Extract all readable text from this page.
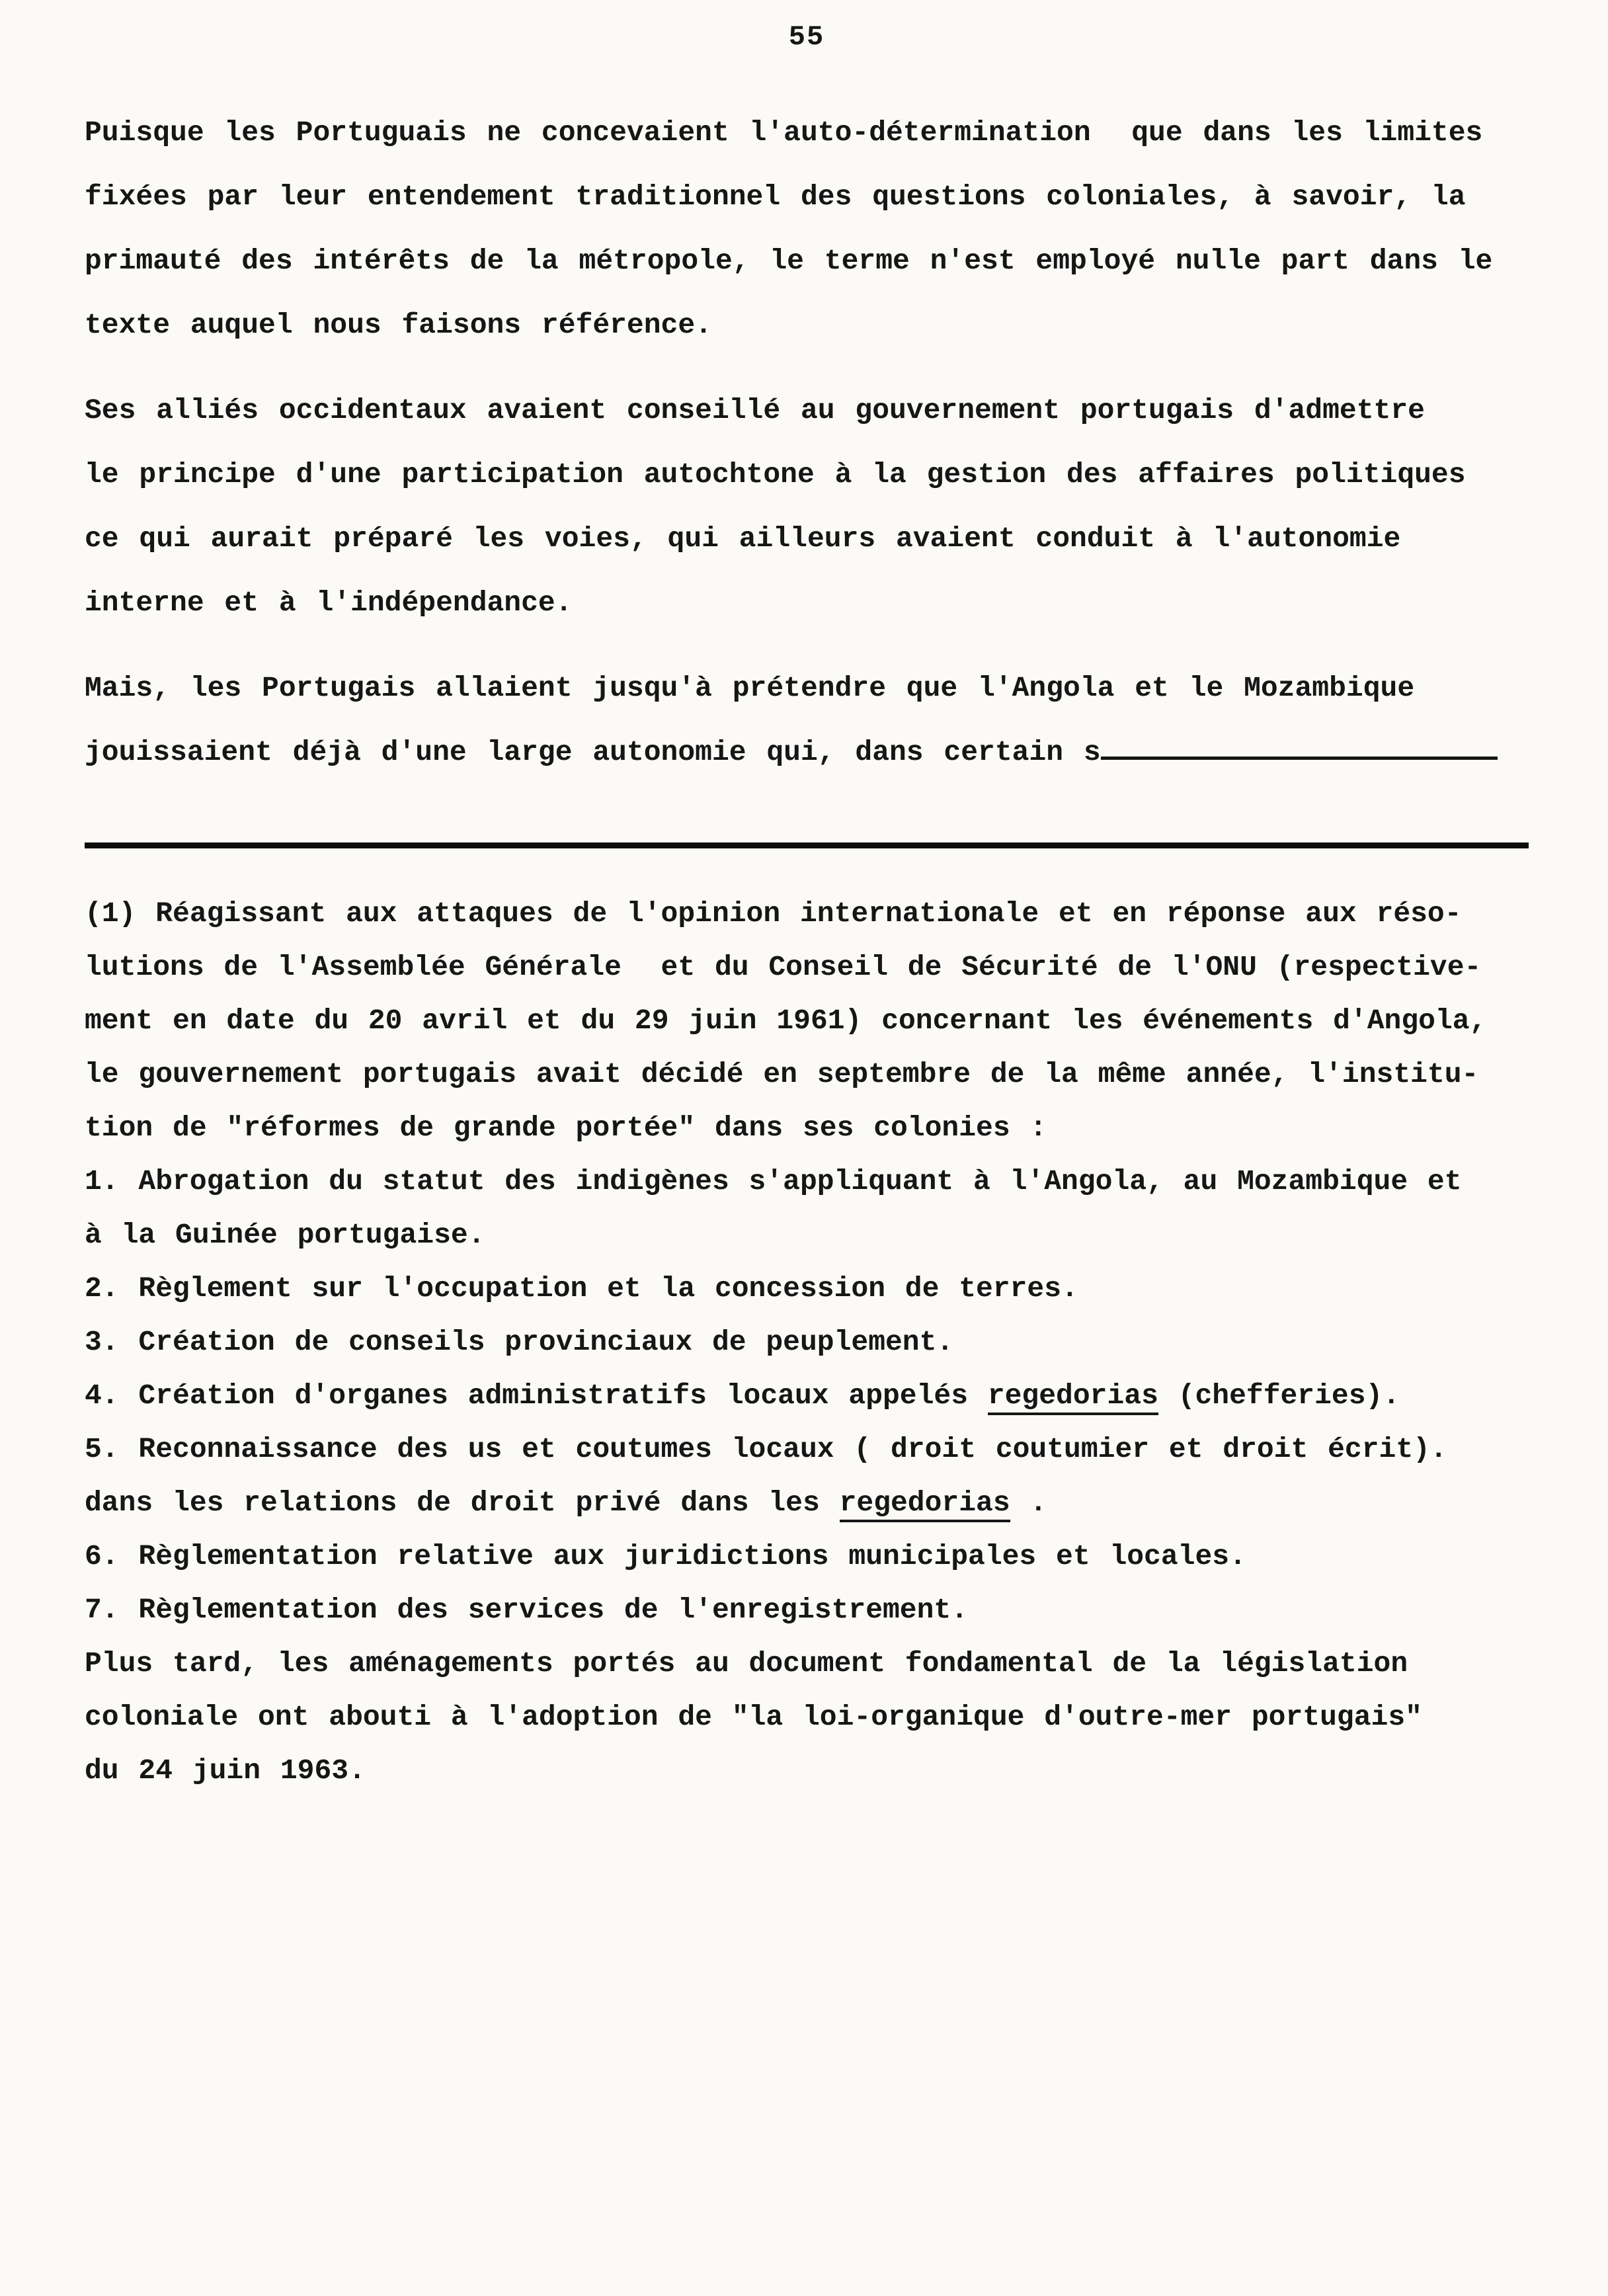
55

Puisque les Portuguais ne concevaient l'auto-détermination  que dans les limites
fixées par leur entendement traditionnel des questions coloniales, à savoir, la
primauté des intérêts de la métropole, le terme n'est employé nulle part dans le
texte auquel nous faisons référence.

Ses alliés occidentaux avaient conseillé au gouvernement portugais d'admettre
le principe d'une participation autochtone à la gestion des affaires politiques
ce qui aurait préparé les voies, qui ailleurs avaient conduit à l'autonomie
interne et à l'indépendance.

Mais, les Portugais allaient jusqu'à prétendre que l'Angola et le Mozambique
jouissaient déjà d'une large autonomie qui, dans certain s

(1) Réagissant aux attaques de l'opinion internationale et en réponse aux réso-
lutions de l'Assemblée Générale  et du Conseil de Sécurité de l'ONU (respective-
ment en date du 20 avril et du 29 juin 1961) concernant les événements d'Angola,
le gouvernement portugais avait décidé en septembre de la même année, l'institu-
tion de "réformes de grande portée" dans ses colonies :
1. Abrogation du statut des indigènes s'appliquant à l'Angola, au Mozambique et
à la Guinée portugaise.
2. Règlement sur l'occupation et la concession de terres.
3. Création de conseils provinciaux de peuplement.
4. Création d'organes administratifs locaux appelés regedorias (chefferies).
5. Reconnaissance des us et coutumes locaux ( droit coutumier et droit écrit).
dans les relations de droit privé dans les regedorias .
6. Règlementation relative aux juridictions municipales et locales.
7. Règlementation des services de l'enregistrement.
Plus tard, les aménagements portés au document fondamental de la législation
coloniale ont abouti à l'adoption de "la loi-organique d'outre-mer portugais"
du 24 juin 1963.
